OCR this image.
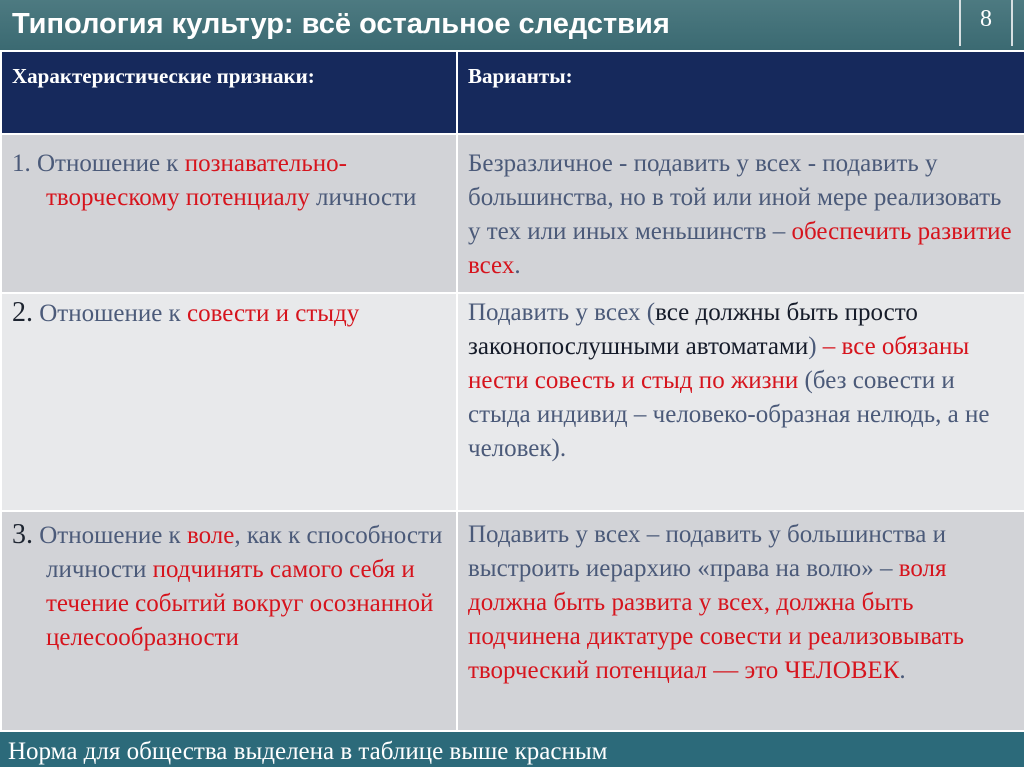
Типология культур: всё остальное следствия	8
Характеристические признаки:	Варианты:

1. Отношение к познавательно-творческому потенциалу личности	Безразличное - подавить у всех - подавить у большинства, но в той или иной мере реализовать у тех или иных меньшинств – обеспечить развитие всех.

2. Отношение к совести и стыду	Подавить у всех (все должны быть просто законопослушными автоматами) – все обязаны нести совесть и стыд по жизни (без совести и стыда индивид – человеко-образная нелюдь, а не человек).

3. Отношение к воле, как к способности личности подчинять самого себя и течение событий вокруг осознанной целесообразности	Подавить у всех – подавить у большинства и выстроить иерархию «права на волю» – воля должна быть развита у всех, должна быть подчинена диктатуре совести и реализовывать творческий потенциал — это ЧЕЛОВЕК.
Норма для общества выделена в таблице выше красным
